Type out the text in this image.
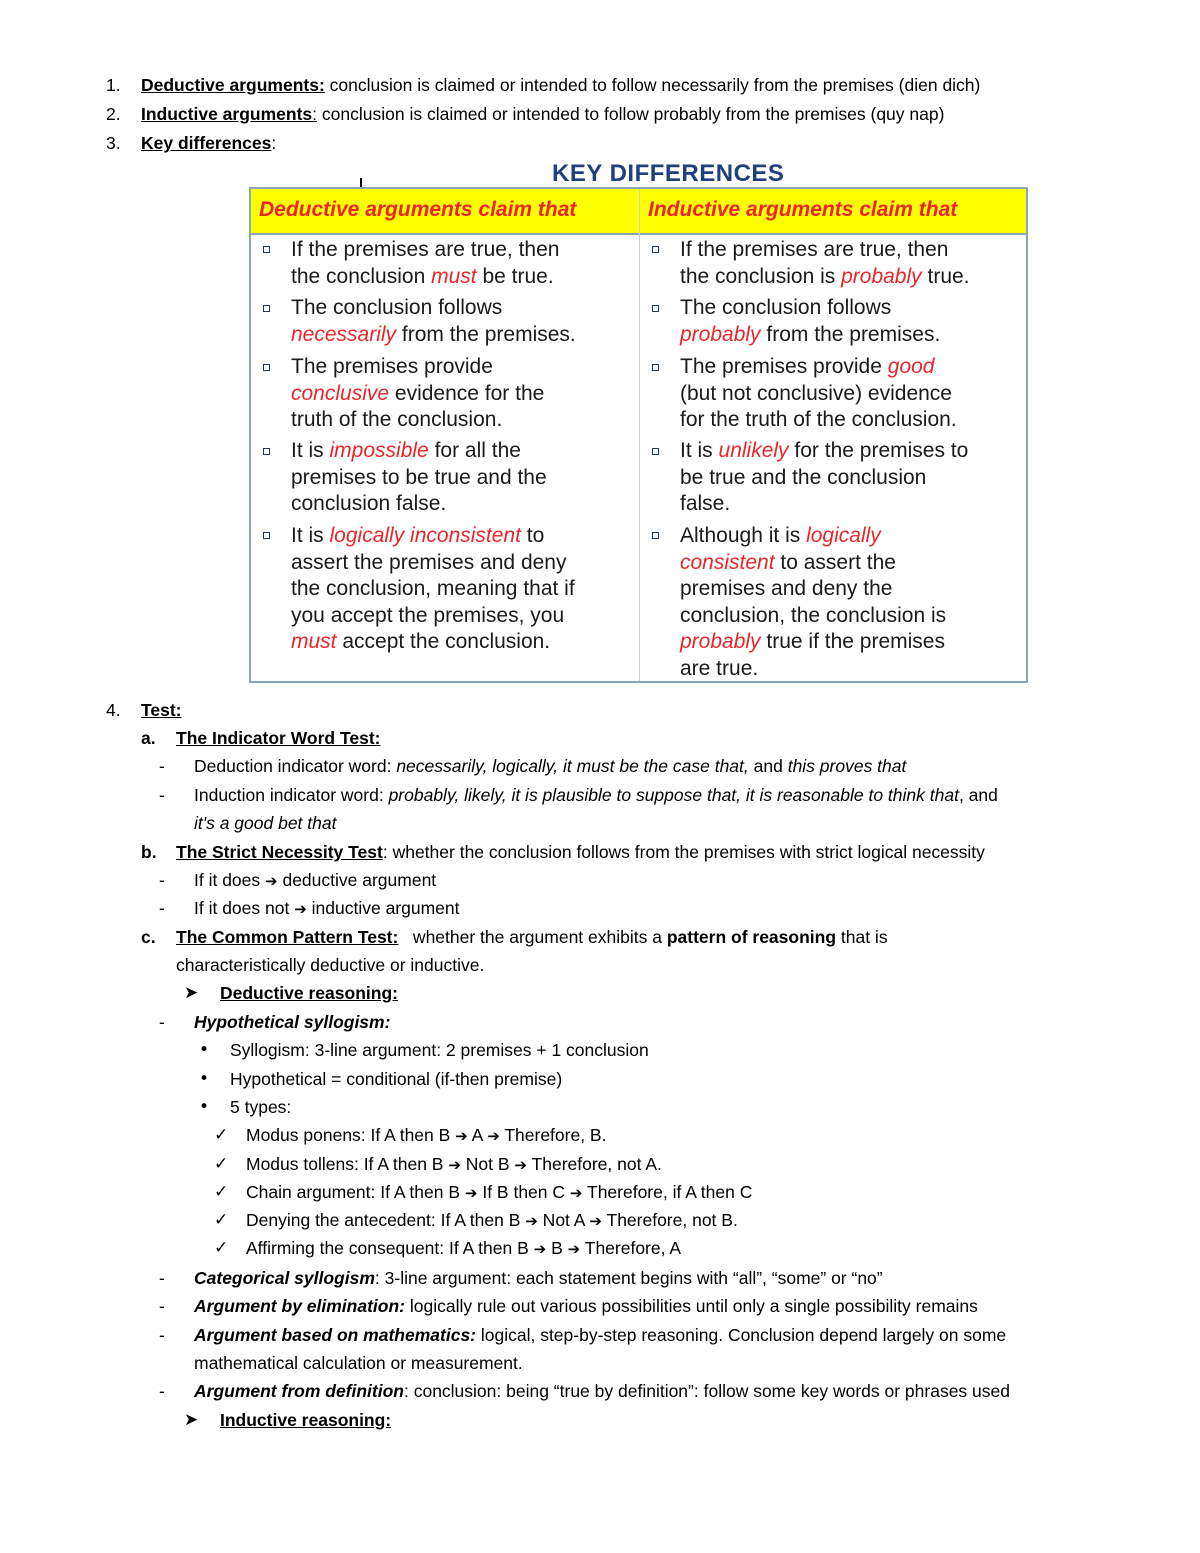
1. Deductive arguments: conclusion is claimed or intended to follow necessarily from the premises (dien dich)
2. Inductive arguments: conclusion is claimed or intended to follow probably from the premises (quy nap)
3. Key differences:
KEY DIFFERENCES
Deductive arguments claim that	Inductive arguments claim that
If the premises are true, then
the conclusion must be true.
The conclusion follows
necessarily from the premises.
The premises provide
conclusive evidence for the
truth of the conclusion.
It is impossible for all the
premises to be true and the
conclusion false.
It is logically inconsistent to
assert the premises and deny
the conclusion, meaning that if
you accept the premises, you
must accept the conclusion.
If the premises are true, then
the conclusion is probably true.
The conclusion follows
probably from the premises.
The premises provide good
(but not conclusive) evidence
for the truth of the conclusion.
It is unlikely for the premises to
be true and the conclusion
false.
Although it is logically
consistent to assert the
premises and deny the
conclusion, the conclusion is
probably true if the premises
are true.
4. Test:
a. The Indicator Word Test:
- Deduction indicator word: necessarily, logically, it must be the case that, and this proves that
- Induction indicator word: probably, likely, it is plausible to suppose that, it is reasonable to think that, and
it's a good bet that
b. The Strict Necessity Test: whether the conclusion follows from the premises with strict logical necessity
- If it does ➔ deductive argument
- If it does not ➔ inductive argument
c. The Common Pattern Test:   whether the argument exhibits a pattern of reasoning that is
characteristically deductive or inductive.
➤ Deductive reasoning:
- Hypothetical syllogism:
• Syllogism: 3-line argument: 2 premises + 1 conclusion
• Hypothetical = conditional (if-then premise)
• 5 types:
✓ Modus ponens: If A then B ➔ A ➔ Therefore, B.
✓ Modus tollens: If A then B ➔ Not B ➔ Therefore, not A.
✓ Chain argument: If A then B ➔ If B then C ➔ Therefore, if A then C
✓ Denying the antecedent: If A then B ➔ Not A ➔ Therefore, not B.
✓ Affirming the consequent: If A then B ➔ B ➔ Therefore, A
- Categorical syllogism: 3-line argument: each statement begins with “all”, “some” or “no”
- Argument by elimination: logically rule out various possibilities until only a single possibility remains
- Argument based on mathematics: logical, step-by-step reasoning. Conclusion depend largely on some
mathematical calculation or measurement.
- Argument from definition: conclusion: being “true by definition”: follow some key words or phrases used
➤ Inductive reasoning:
